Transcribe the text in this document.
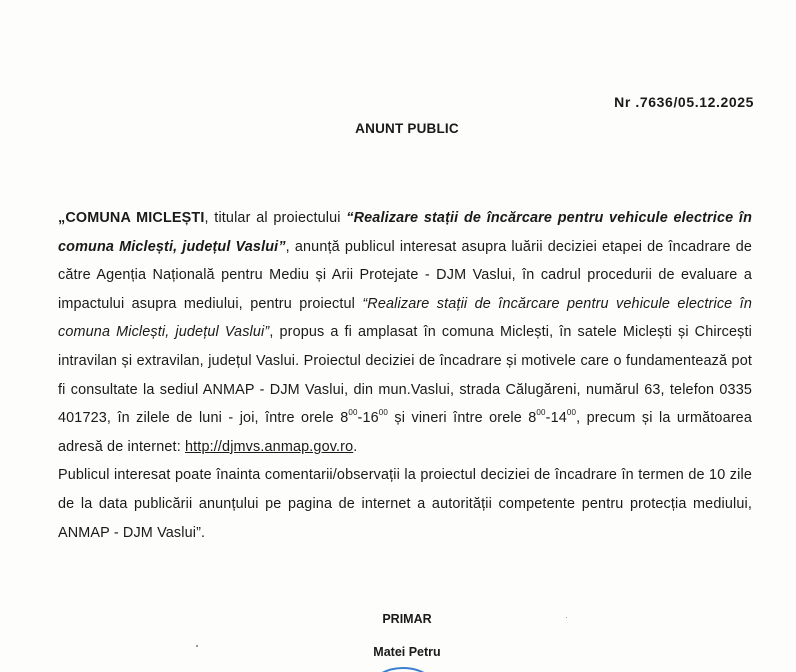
Nr .7636/05.12.2025
ANUNT PUBLIC

„COMUNA MICLEȘTI, titular al proiectului “Realizare stații de încărcare pentru vehicule electrice în comuna Miclești, județul Vaslui”, anunță publicul interesat asupra luării deciziei etapei de încadrare de către Agenția Națională pentru Mediu și Arii Protejate - DJM Vaslui, în cadrul procedurii de evaluare a impactului asupra mediului, pentru proiectul “Realizare stații de încărcare pentru vehicule electrice în comuna Miclești, județul Vaslui”, propus a fi amplasat în comuna Miclești, în satele Miclești și Chircești intravilan și extravilan, județul Vaslui. Proiectul deciziei de încadrare și motivele care o fundamentează pot fi consultate la sediul ANMAP - DJM Vaslui, din mun.Vaslui, strada Călugăreni, numărul 63, telefon 0335 401723, în zilele de luni - joi, între orele $8^{00}-16^{00}$ și vineri între orele $8^{00}-14^{00}$, precum și la următoarea adresă de internet: http://djmvs.anmap.gov.ro.

Publicul interesat poate înainta comentarii/observații la proiectul deciziei de încadrare în termen de 10 zile de la data publicării anunțului pe pagina de internet a autorității competente pentru protecția mediului, ANMAP - DJM Vaslui”.

PRIMAR
Matei Petru
